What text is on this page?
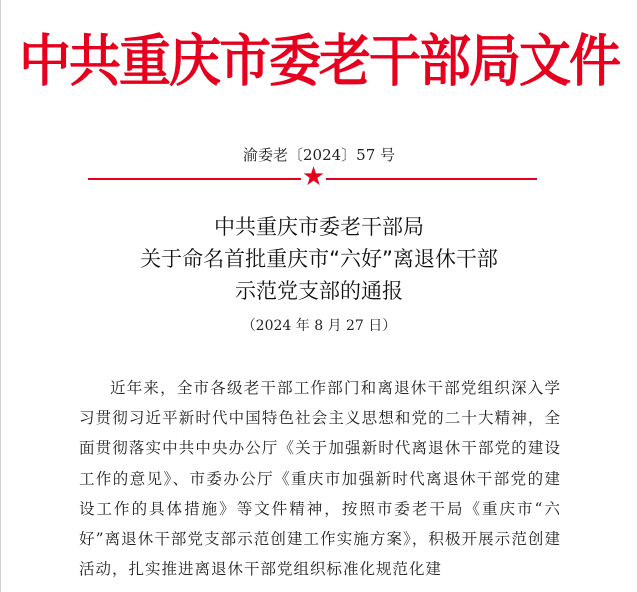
中共重庆市委老干部局文件
渝委老〔2024〕57 号
★
中共重庆市委老干部局
关于命名首批重庆市“六好”离退休干部
示范党支部的通报
（2024 年 8 月 27 日）
近年来，全市各级老干部工作部门和离退休干部党组织深入学习贯彻习近平新时代中国特色社会主义思想和党的二十大精神，全面贯彻落实中共中央办公厅《关于加强新时代离退休干部党的建设工作的意见》、市委办公厅《重庆市加强新时代离退休干部党的建设工作的具体措施》等文件精神，按照市委老干局《重庆市“六好”离退休干部党支部示范创建工作实施方案》，积极开展示范创建活动，扎实推进离退休干部党组织标准化规范化建
